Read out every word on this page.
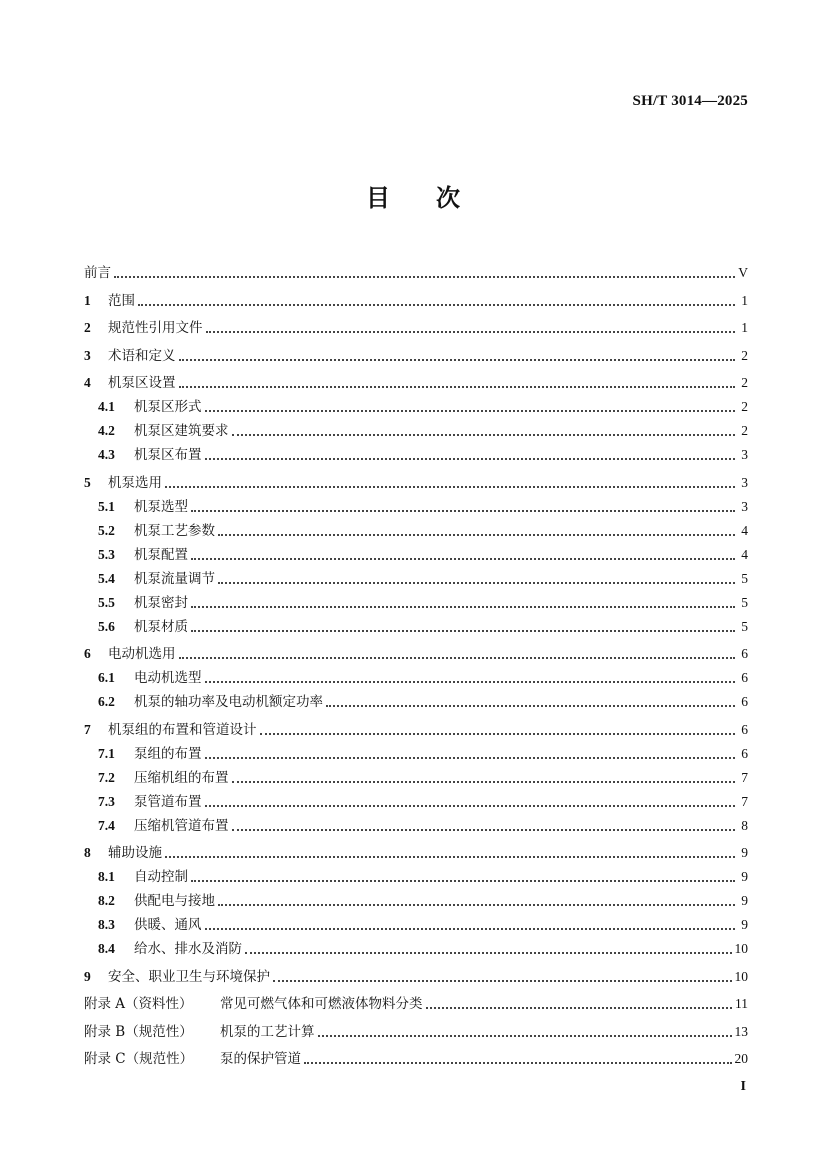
SH/T 3014—2025
目 次
前言	V
1	范围	1
2	规范性引用文件	1
3	术语和定义	2
4	机泵区设置	2
4.1	机泵区形式	2
4.2	机泵区建筑要求	2
4.3	机泵区布置	3
5	机泵选用	3
5.1	机泵选型	3
5.2	机泵工艺参数	4
5.3	机泵配置	4
5.4	机泵流量调节	5
5.5	机泵密封	5
5.6	机泵材质	5
6	电动机选用	6
6.1	电动机选型	6
6.2	机泵的轴功率及电动机额定功率	6
7	机泵组的布置和管道设计	6
7.1	泵组的布置	6
7.2	压缩机组的布置	7
7.3	泵管道布置	7
7.4	压缩机管道布置	8
8	辅助设施	9
8.1	自动控制	9
8.2	供配电与接地	9
8.3	供暖、通风	9
8.4	给水、排水及消防	10
9	安全、职业卫生与环境保护	10
附录 A（资料性）	常见可燃气体和可燃液体物料分类	11
附录 B（规范性）	机泵的工艺计算	13
附录 C（规范性）	泵的保护管道	20
I
